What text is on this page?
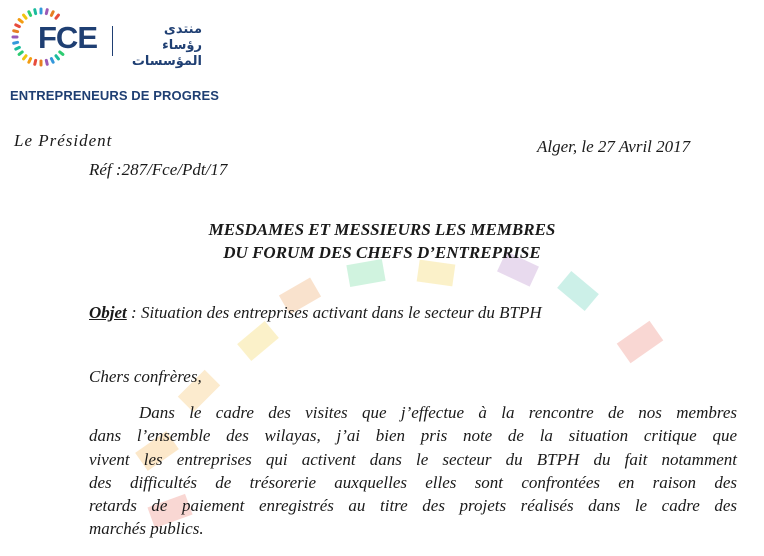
FCE	منتدى رؤساء
المؤسسات
ENTREPRENEURS DE PROGRES
Le Président	Alger, le 27 Avril 2017
Réf :287/Fce/Pdt/17
MESDAMES ET MESSIEURS LES MEMBRES
DU FORUM DES CHEFS D’ENTREPRISE
Objet : Situation des entreprises activant dans le secteur du BTPH
Chers confrères,
Dans le cadre des visites que j’effectue à la rencontre de nos membres
dans l’ensemble des wilayas, j’ai bien pris note de la situation critique que
vivent les entreprises qui activent dans le secteur du BTPH du fait notamment
des difficultés de trésorerie auxquelles elles sont confrontées en raison des
retards de paiement enregistrés au titre des projets réalisés dans le cadre des
marchés publics.
